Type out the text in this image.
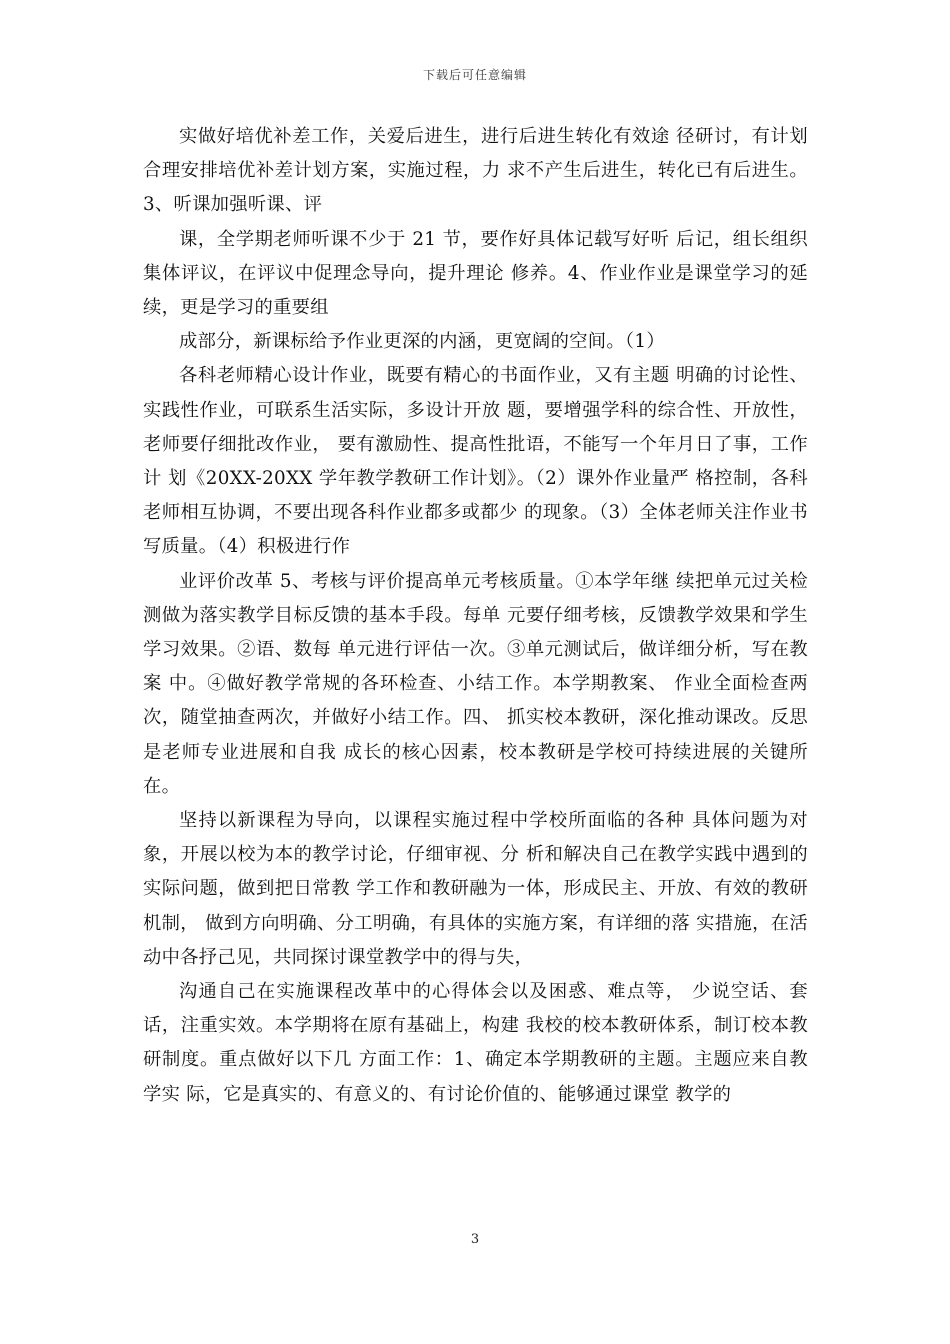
下载后可任意编辑

实做好培优补差工作，关爱后进生，进行后进生转化有效途 径研讨，有计划合理安排培优补差计划方案，实施过程，力 求不产生后进生，转化已有后进生。3、听课加强听课、评

课，全学期老师听课不少于 21 节，要作好具体记载写好听 后记，组长组织集体评议，在评议中促理念导向，提升理论 修养。4、作业作业是课堂学习的延续，更是学习的重要组

成部分，新课标给予作业更深的内涵，更宽阔的空间。（1）

各科老师精心设计作业，既要有精心的书面作业，又有主题 明确的讨论性、实践性作业，可联系生活实际，多设计开放 题，要增强学科的综合性、开放性，老师要仔细批改作业， 要有激励性、提高性批语，不能写一个年月日了事，工作计 划《20XX-20XX 学年教学教研工作计划》。（2）课外作业量严 格控制，各科老师相互协调，不要出现各科作业都多或都少 的现象。（3）全体老师关注作业书写质量。（4）积极进行作

业评价改革 5、考核与评价提高单元考核质量。①本学年继 续把单元过关检测做为落实教学目标反馈的基本手段。每单 元要仔细考核，反馈教学效果和学生学习效果。②语、数每 单元进行评估一次。③单元测试后，做详细分析，写在教案 中。④做好教学常规的各环检查、小结工作。本学期教案、 作业全面检查两次，随堂抽查两次，并做好小结工作。四、 抓实校本教研，深化推动课改。反思是老师专业进展和自我 成长的核心因素，校本教研是学校可持续进展的关键所在。

坚持以新课程为导向，以课程实施过程中学校所面临的各种 具体问题为对象，开展以校为本的教学讨论，仔细审视、分 析和解决自己在教学实践中遇到的实际问题，做到把日常教 学工作和教研融为一体，形成民主、开放、有效的教研机制， 做到方向明确、分工明确，有具体的实施方案，有详细的落 实措施，在活动中各抒己见，共同探讨课堂教学中的得与失，

沟通自己在实施课程改革中的心得体会以及困惑、难点等， 少说空话、套话，注重实效。本学期将在原有基础上，构建 我校的校本教研体系，制订校本教研制度。重点做好以下几 方面工作：1、确定本学期教研的主题。主题应来自教学实 际，它是真实的、有意义的、有讨论价值的、能够通过课堂 教学的

3
